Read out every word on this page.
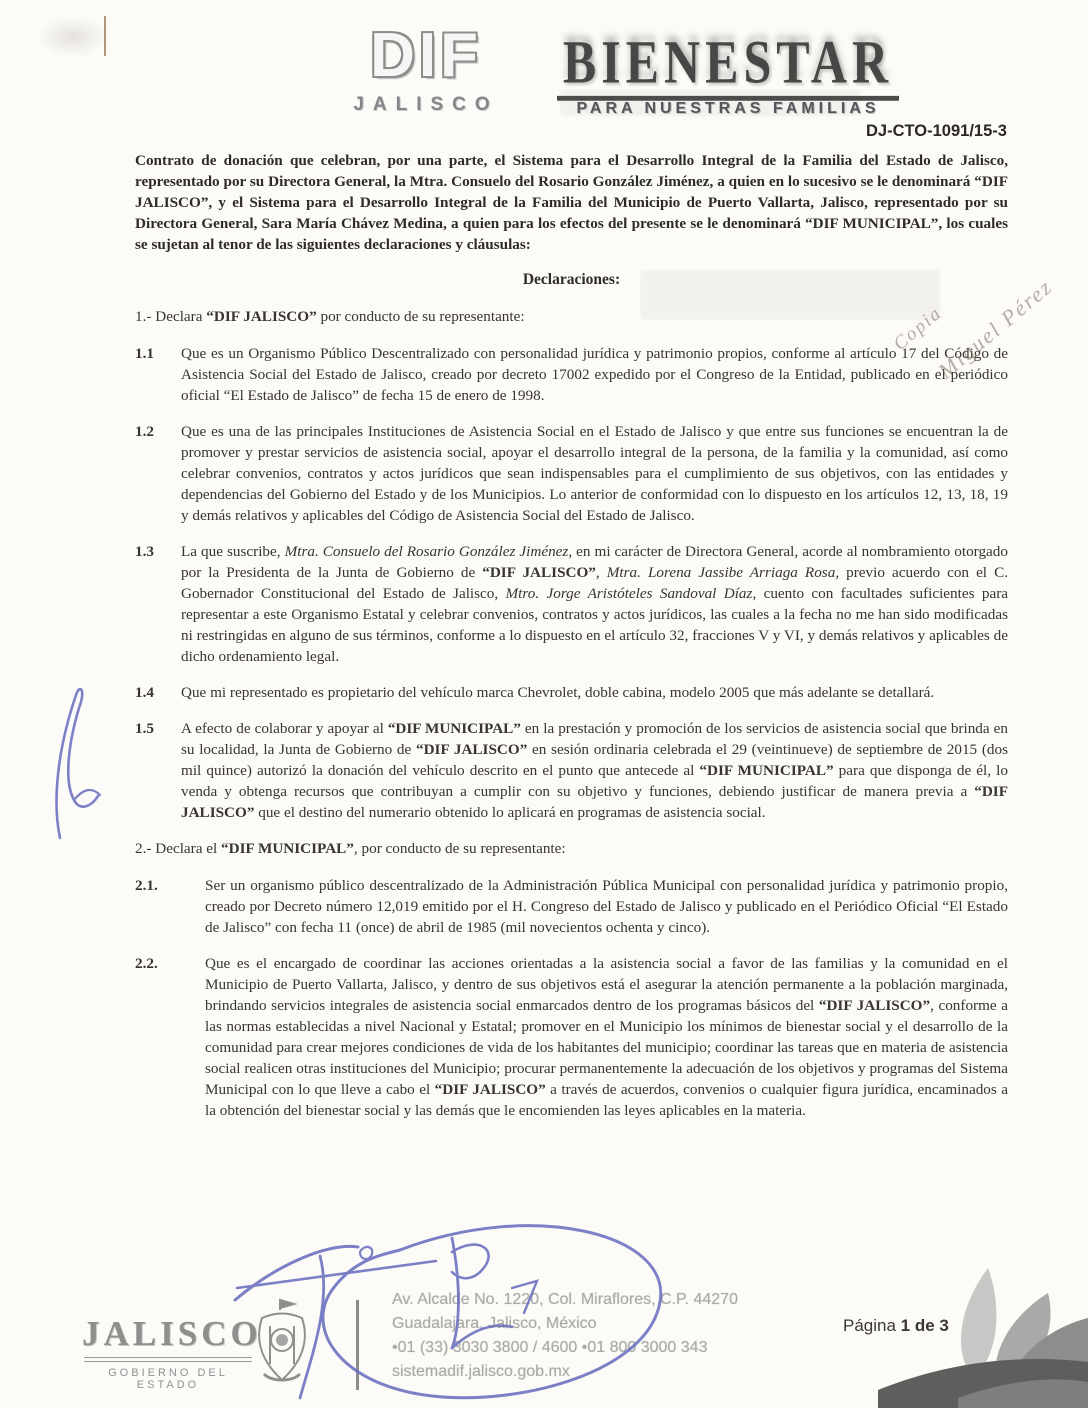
DIF
JALISCO
BIENESTAR
PARA NUESTRAS FAMILIAS
DJ-CTO-1091/15-3

Contrato de donación que celebran, por una parte, el Sistema para el Desarrollo Integral de la Familia del Estado de Jalisco, representado por su Directora General, la Mtra. Consuelo del Rosario González Jiménez, a quien en lo sucesivo se le denominará “DIF JALISCO”, y el Sistema para el Desarrollo Integral de la Familia del Municipio de Puerto Vallarta, Jalisco, representado por su Directora General, Sara María Chávez Medina, a quien para los efectos del presente se le denominará “DIF MUNICIPAL”, los cuales se sujetan al tenor de las siguientes declaraciones y cláusulas:

Declaraciones:

1.- Declara “DIF JALISCO” por conducto de su representante:

1.1	Que es un Organismo Público Descentralizado con personalidad jurídica y patrimonio propios, conforme al artículo 17 del Código de Asistencia Social del Estado de Jalisco, creado por decreto 17002 expedido por el Congreso de la Entidad, publicado en el periódico oficial “El Estado de Jalisco” de fecha 15 de enero de 1998.
1.2	Que es una de las principales Instituciones de Asistencia Social en el Estado de Jalisco y que entre sus funciones se encuentran la de promover y prestar servicios de asistencia social, apoyar el desarrollo integral de la persona, de la familia y la comunidad, así como celebrar convenios, contratos y actos jurídicos que sean indispensables para el cumplimiento de sus objetivos, con las entidades y dependencias del Gobierno del Estado y de los Municipios. Lo anterior de conformidad con lo dispuesto en los artículos 12, 13, 18, 19 y demás relativos y aplicables del Código de Asistencia Social del Estado de Jalisco.
1.3	La que suscribe, Mtra. Consuelo del Rosario González Jiménez, en mi carácter de Directora General, acorde al nombramiento otorgado por la Presidenta de la Junta de Gobierno de “DIF JALISCO”, Mtra. Lorena Jassibe Arriaga Rosa, previo acuerdo con el C. Gobernador Constitucional del Estado de Jalisco, Mtro. Jorge Aristóteles Sandoval Díaz, cuento con facultades suficientes para representar a este Organismo Estatal y celebrar convenios, contratos y actos jurídicos, las cuales a la fecha no me han sido modificadas ni restringidas en alguno de sus términos, conforme a lo dispuesto en el artículo 32, fracciones V y VI, y demás relativos y aplicables de dicho ordenamiento legal.
1.4	Que mi representado es propietario del vehículo marca Chevrolet, doble cabina, modelo 2005 que más adelante se detallará.
1.5	A efecto de colaborar y apoyar al “DIF MUNICIPAL” en la prestación y promoción de los servicios de asistencia social que brinda en su localidad, la Junta de Gobierno de “DIF JALISCO” en sesión ordinaria celebrada el 29 (veintinueve) de septiembre de 2015 (dos mil quince) autorizó la donación del vehículo descrito en el punto que antecede al “DIF MUNICIPAL” para que disponga de él, lo venda y obtenga recursos que contribuyan a cumplir con su objetivo y funciones, debiendo justificar de manera previa a “DIF JALISCO” que el destino del numerario obtenido lo aplicará en programas de asistencia social.

2.- Declara el “DIF MUNICIPAL”, por conducto de su representante:

2.1.	Ser un organismo público descentralizado de la Administración Pública Municipal con personalidad jurídica y patrimonio propio, creado por Decreto número 12,019 emitido por el H. Congreso del Estado de Jalisco y publicado en el Periódico Oficial “El Estado de Jalisco” con fecha 11 (once) de abril de 1985 (mil novecientos ochenta y cinco).
2.2.	Que es el encargado de coordinar las acciones orientadas a la asistencia social a favor de las familias y la comunidad en el Municipio de Puerto Vallarta, Jalisco, y dentro de sus objetivos está el asegurar la atención permanente a la población marginada, brindando servicios integrales de asistencia social enmarcados dentro de los programas básicos del “DIF JALISCO”, conforme a las normas establecidas a nivel Nacional y Estatal; promover en el Municipio los mínimos de bienestar social y el desarrollo de la comunidad para crear mejores condiciones de vida de los habitantes del municipio; coordinar las tareas que en materia de asistencia social realicen otras instituciones del Municipio; procurar permanentemente la adecuación de los objetivos y programas del Sistema Municipal con lo que lleve a cabo el “DIF JALISCO” a través de acuerdos, convenios o cualquier figura jurídica, encaminados a la obtención del bienestar social y las demás que le encomienden las leyes aplicables en la materia.
Copia
Miguel Pérez
JALISCO
GOBIERNO DEL ESTADO
Av. Alcalde No. 1220, Col. Miraflores, C.P. 44270
Guadalajara, Jalisco, México
•01 (33) 3030 3800 / 4600 •01 800 3000 343
sistemadif.jalisco.gob.mx
Página 1 de 3
